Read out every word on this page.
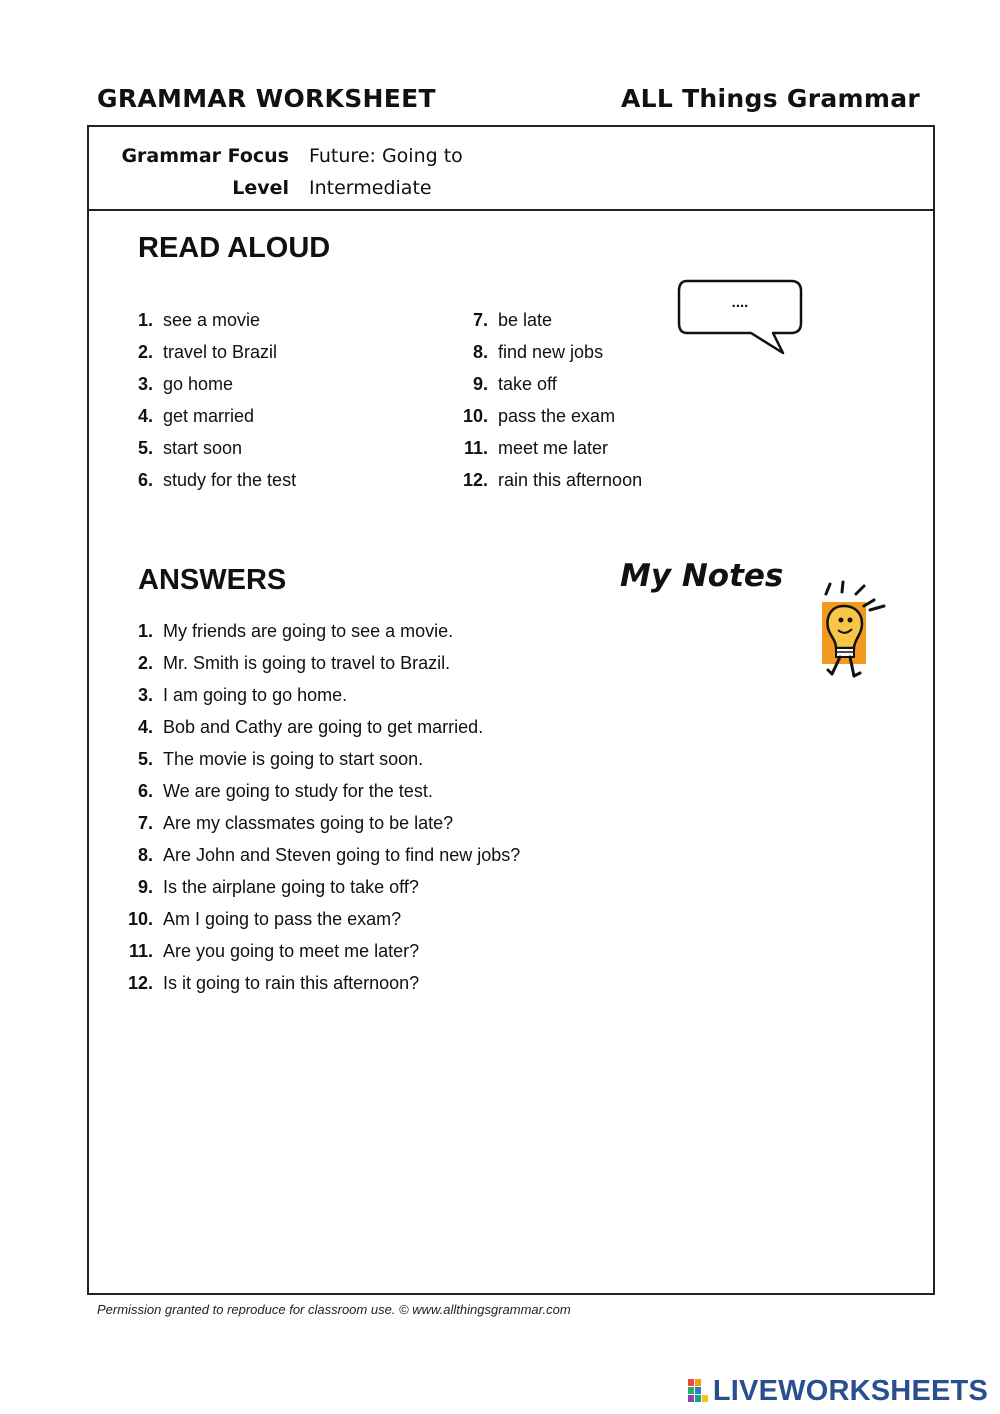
GRAMMAR WORKSHEET	ALL Things Grammar
Grammar Focus Future: Going to
Level Intermediate
READ ALOUD
1. see a movie
2. travel to Brazil
3. go home
4. get married
5. start soon
6. study for the test
7. be late
8. find new jobs
9. take off
10. pass the exam
11. meet me later
12. rain this afternoon
....
ANSWERS	My Notes
1. My friends are going to see a movie.
2. Mr. Smith is going to travel to Brazil.
3. I am going to go home.
4. Bob and Cathy are going to get married.
5. The movie is going to start soon.
6. We are going to study for the test.
7. Are my classmates going to be late?
8. Are John and Steven going to find new jobs?
9. Is the airplane going to take off?
10. Am I going to pass the exam?
11. Are you going to meet me later?
12. Is it going to rain this afternoon?
Permission granted to reproduce for classroom use. © www.allthingsgrammar.com
LIVEWORKSHEETS
